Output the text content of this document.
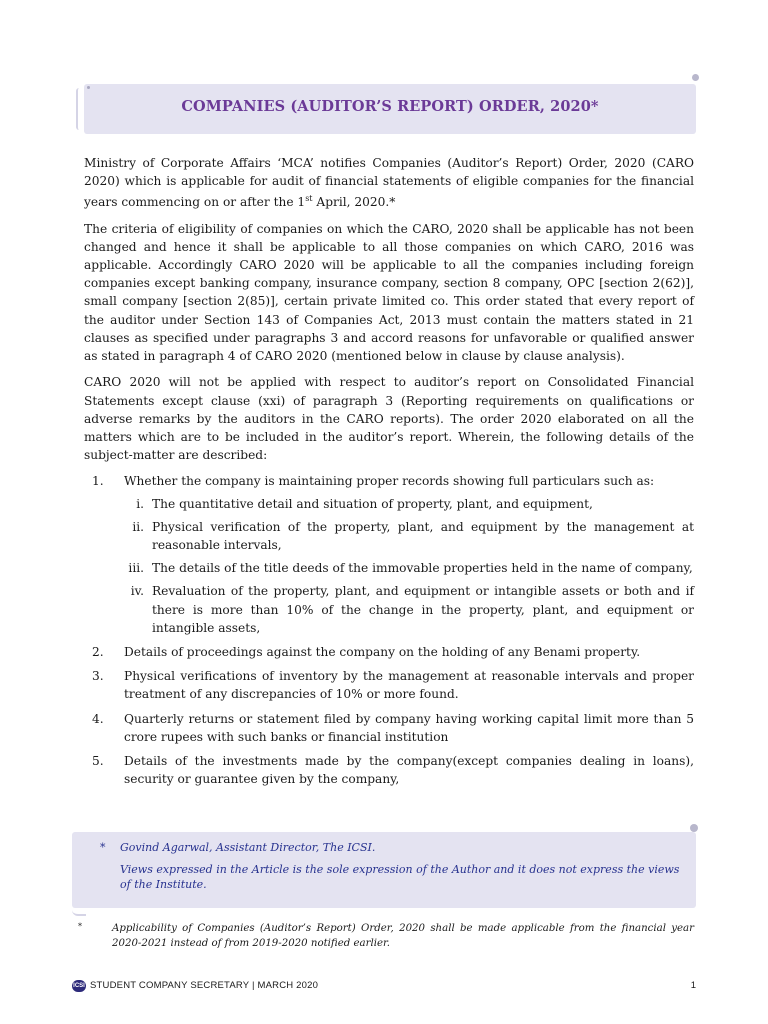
COMPANIES (AUDITOR’S REPORT) ORDER, 2020*

Ministry of Corporate Affairs ‘MCA’ notifies Companies (Auditor’s Report) Order, 2020 (CARO 2020) which is applicable for audit of financial statements of eligible companies for the financial years commencing on or after the 1st April, 2020.*

The criteria of eligibility of companies on which the CARO, 2020 shall be applicable has not been changed and hence it shall be applicable to all those companies on which CARO, 2016 was applicable. Accordingly CARO 2020 will be applicable to all the companies including foreign companies except banking company, insurance company, section 8 company, OPC [section 2(62)], small company [section 2(85)], certain private limited co. This order stated that every report of the auditor under Section 143 of Companies Act, 2013 must contain the matters stated in 21 clauses as specified under paragraphs 3 and accord reasons for unfavorable or qualified answer as stated in paragraph 4 of CARO 2020 (mentioned below in clause by clause analysis).

CARO 2020 will not be applied with respect to auditor’s report on Consolidated Financial Statements except clause (xxi) of paragraph 3 (Reporting requirements on qualifications or adverse remarks by the auditors in the CARO reports). The order 2020 elaborated on all the matters which are to be included in the auditor’s report. Wherein, the following details of the subject-matter are described:

1.	Whether the company is maintaining proper records showing full particulars such as:
i. The quantitative detail and situation of property, plant, and equipment,
ii. Physical verification of the property, plant, and equipment by the management at reasonable intervals,
iii. The details of the title deeds of the immovable properties held in the name of company,
iv. Revaluation of the property, plant, and equipment or intangible assets or both and if there is more than 10% of the change in the property, plant, and equipment or intangible assets,
2.	Details of proceedings against the company on the holding of any Benami property.
3.	Physical verifications of inventory by the management at reasonable intervals and proper treatment of any discrepancies of 10% or more found.
4.	Quarterly returns or statement filed by company having working capital limit more than 5 crore rupees with such banks or financial institution
5.	Details of the investments made by the company(except companies dealing in loans), security or guarantee given by the company,
* Govind Agarwal, Assistant Director, The ICSI.
Views expressed in the Article is the sole expression of the Author and it does not express the views of the Institute.
*	Applicability of Companies (Auditor’s Report) Order, 2020 shall be made applicable from the financial year 2020-2021 instead of from 2019-2020 notified earlier.
ICSI STUDENT COMPANY SECRETARY | MARCH 2020	1
